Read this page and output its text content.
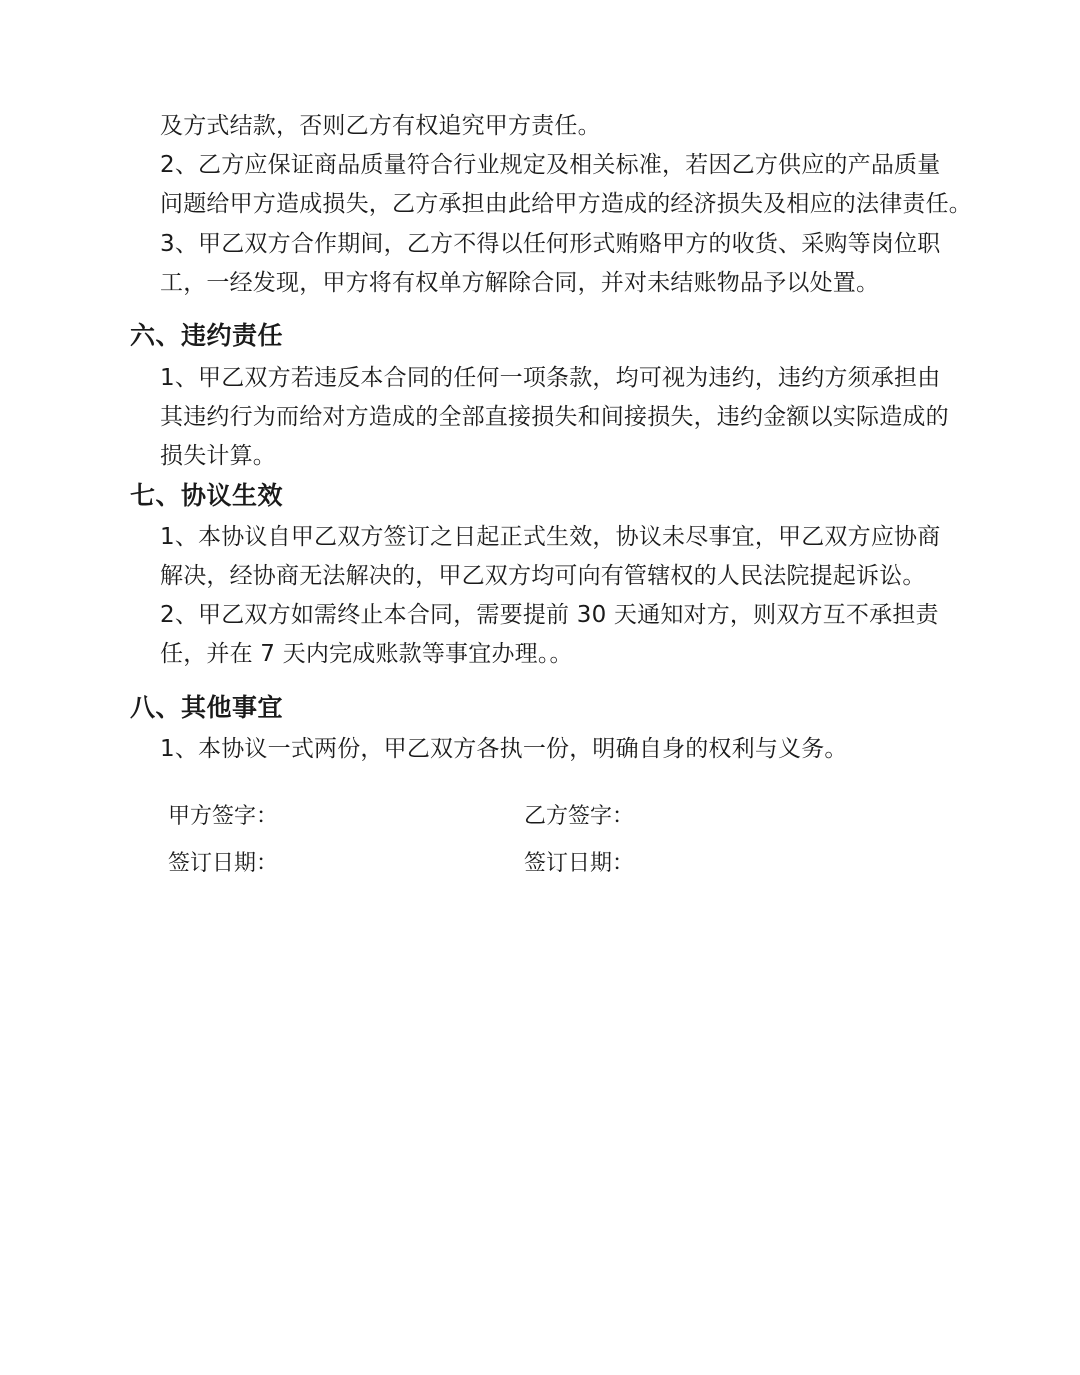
及方式结款，否则乙方有权追究甲方责任。
2、乙方应保证商品质量符合行业规定及相关标准，若因乙方供应的产品质量
问题给甲方造成损失，乙方承担由此给甲方造成的经济损失及相应的法律责任。
3、甲乙双方合作期间，乙方不得以任何形式贿赂甲方的收货、采购等岗位职
工，一经发现，甲方将有权单方解除合同，并对未结账物品予以处置。
六、违约责任
1、甲乙双方若违反本合同的任何一项条款，均可视为违约，违约方须承担由
其违约行为而给对方造成的全部直接损失和间接损失，违约金额以实际造成的
损失计算。
七、协议生效
1、本协议自甲乙双方签订之日起正式生效，协议未尽事宜，甲乙双方应协商
解决，经协商无法解决的，甲乙双方均可向有管辖权的人民法院提起诉讼。
2、甲乙双方如需终止本合同，需要提前 30 天通知对方，则双方互不承担责
任，并在 7 天内完成账款等事宜办理。。
八、其他事宜
1、本协议一式两份，甲乙双方各执一份，明确自身的权利与义务。
甲方签字：	乙方签字：
签订日期：	签订日期：
